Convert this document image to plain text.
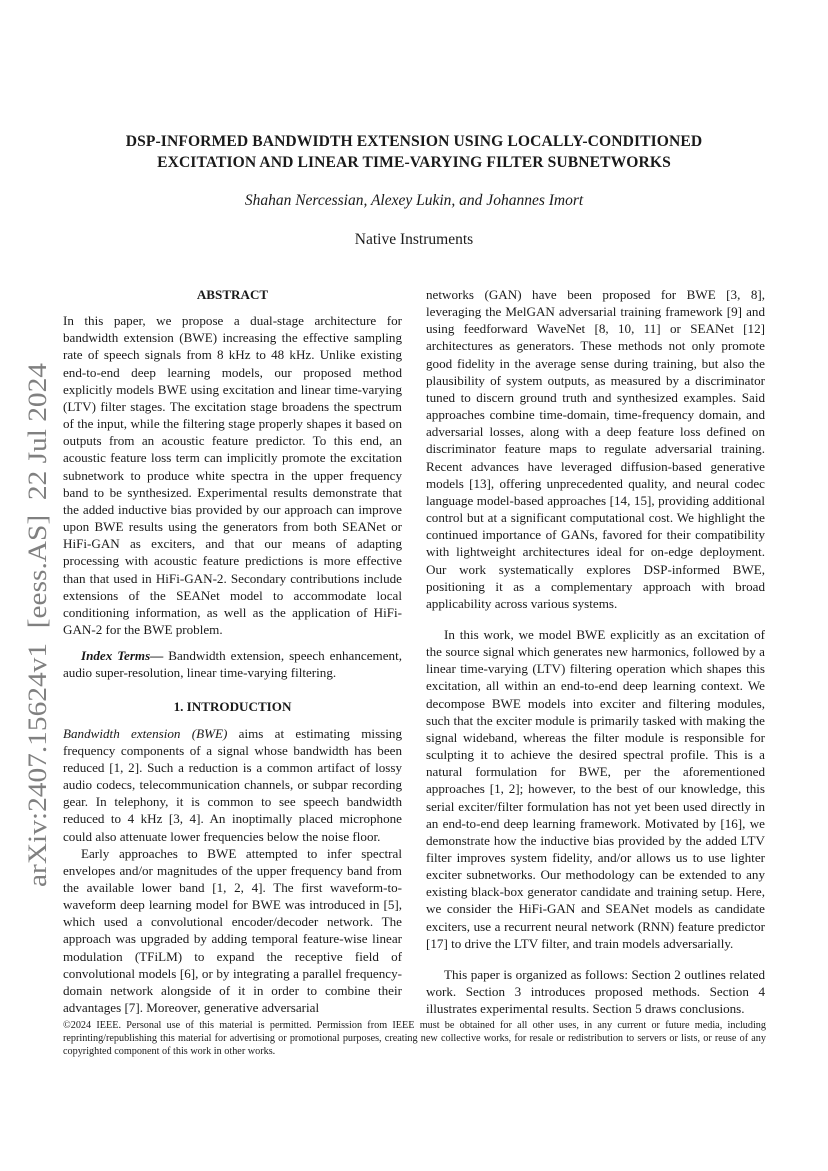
arXiv:2407.15624v1  [eess.AS]  22 Jul 2024
DSP-INFORMED BANDWIDTH EXTENSION USING LOCALLY-CONDITIONED
EXCITATION AND LINEAR TIME-VARYING FILTER SUBNETWORKS
Shahan Nercessian, Alexey Lukin, and Johannes Imort
Native Instruments
ABSTRACT

In this paper, we propose a dual-stage architecture for bandwidth extension (BWE) increasing the effective sampling rate of speech signals from 8 kHz to 48 kHz. Unlike existing end-to-end deep learning models, our proposed method explicitly models BWE using excitation and linear time-varying (LTV) filter stages. The excitation stage broadens the spectrum of the input, while the filtering stage properly shapes it based on outputs from an acoustic feature predictor. To this end, an acoustic feature loss term can implicitly promote the excitation subnetwork to produce white spectra in the upper frequency band to be synthesized. Experimental results demonstrate that the added inductive bias provided by our approach can improve upon BWE results using the generators from both SEANet or HiFi-GAN as exciters, and that our means of adapting processing with acoustic feature predictions is more effective than that used in HiFi-GAN-2. Secondary contributions include extensions of the SEANet model to accommodate local conditioning information, as well as the application of HiFi-GAN-2 for the BWE problem.

Index Terms— Bandwidth extension, speech enhancement, audio super-resolution, linear time-varying filtering.

1. INTRODUCTION

Bandwidth extension (BWE) aims at estimating missing frequency components of a signal whose bandwidth has been reduced [1, 2]. Such a reduction is a common artifact of lossy audio codecs, telecommunication channels, or subpar recording gear. In telephony, it is common to see speech bandwidth reduced to 4 kHz [3, 4]. An inoptimally placed microphone could also attenuate lower frequencies below the noise floor.

Early approaches to BWE attempted to infer spectral envelopes and/or magnitudes of the upper frequency band from the available lower band [1, 2, 4]. The first waveform-to-waveform deep learning model for BWE was introduced in [5], which used a convolutional encoder/decoder network. The approach was upgraded by adding temporal feature-wise linear modulation (TFiLM) to expand the receptive field of convolutional models [6], or by integrating a parallel frequency-domain network alongside of it in order to combine their advantages [7]. Moreover, generative adversarial

networks (GAN) have been proposed for BWE [3, 8], leveraging the MelGAN adversarial training framework [9] and using feedforward WaveNet [8, 10, 11] or SEANet [12] architectures as generators. These methods not only promote good fidelity in the average sense during training, but also the plausibility of system outputs, as measured by a discriminator tuned to discern ground truth and synthesized examples. Said approaches combine time-domain, time-frequency domain, and adversarial losses, along with a deep feature loss defined on discriminator feature maps to regulate adversarial training. Recent advances have leveraged diffusion-based generative models [13], offering unprecedented quality, and neural codec language model-based approaches [14, 15], providing additional control but at a significant computational cost. We highlight the continued importance of GANs, favored for their compatibility with lightweight architectures ideal for on-edge deployment. Our work systematically explores DSP-informed BWE, positioning it as a complementary approach with broad applicability across various systems.

In this work, we model BWE explicitly as an excitation of the source signal which generates new harmonics, followed by a linear time-varying (LTV) filtering operation which shapes this excitation, all within an end-to-end deep learning context. We decompose BWE models into exciter and filtering modules, such that the exciter module is primarily tasked with making the signal wideband, whereas the filter module is responsible for sculpting it to achieve the desired spectral profile. This is a natural formulation for BWE, per the aforementioned approaches [1, 2]; however, to the best of our knowledge, this serial exciter/filter formulation has not yet been used directly in an end-to-end deep learning framework. Motivated by [16], we demonstrate how the inductive bias provided by the added LTV filter improves system fidelity, and/or allows us to use lighter exciter subnetworks. Our methodology can be extended to any existing black-box generator candidate and training setup. Here, we consider the HiFi-GAN and SEANet models as candidate exciters, use a recurrent neural network (RNN) feature predictor [17] to drive the LTV filter, and train models adversarially.

This paper is organized as follows: Section 2 outlines related work. Section 3 introduces proposed methods. Section 4 illustrates experimental results. Section 5 draws conclusions.

©2024 IEEE. Personal use of this material is permitted. Permission from IEEE must be obtained for all other uses, in any current or future media, including reprinting/republishing this material for advertising or promotional purposes, creating new collective works, for resale or redistribution to servers or lists, or reuse of any copyrighted component of this work in other works.
